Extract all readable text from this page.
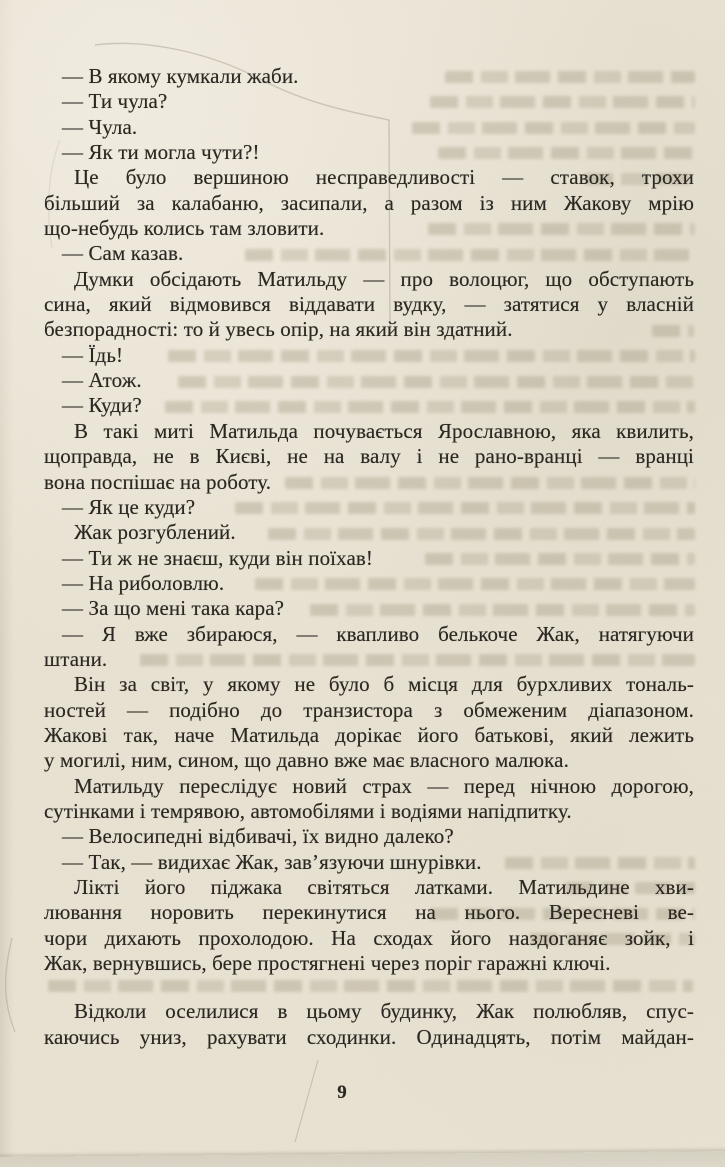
— В якому кумкали жаби.
— Ти чула?
— Чула.
— Як ти могла чути?!
Це було вершиною несправедливості — ставок, трохи
більший за калабаню, засипали, а разом із ним Жакову мрію
що-небудь колись там зловити.
— Сам казав.
Думки обсідають Матильду — про волоцюг, що обступають
сина, який відмовився віддавати вудку, — затятися у власній
безпорадності: то й увесь опір, на який він здатний.
— Їдь!
— Атож.
— Куди?
В такі миті Матильда почувається Ярославною, яка квилить,
щоправда, не в Києві, не на валу і не рано-вранці — вранці
вона поспішає на роботу.
— Як це куди?
Жак розгублений.
— Ти ж не знаєш, куди він поїхав!
— На риболовлю.
— За що мені така кара?
— Я вже збираюся, — квапливо белькоче Жак, натягуючи
штани.
Він за світ, у якому не було б місця для бурхливих тональ-
ностей — подібно до транзистора з обмеженим діапазоном.
Жакові так, наче Матильда дорікає його батькові, який лежить
у могилі, ним, сином, що давно вже має власного малюка.
Матильду переслідує новий страх — перед нічною дорогою,
сутінками і темрявою, автомобілями і водіями напідпитку.
— Велосипедні відбивачі, їх видно далеко?
— Так, — видихає Жак, зав’язуючи шнурівки.
Лікті його піджака світяться латками. Матильдине хви-
лювання норовить перекинутися на нього. Вересневі ве-
чори дихають прохолодою. На сходах його наздоганяє зойк, і
Жак, вернувшись, бере простягнені через поріг гаражні ключі.
Відколи оселилися в цьому будинку, Жак полюбляв, спус-
каючись униз, рахувати сходинки. Одинадцять, потім майдан-
9
